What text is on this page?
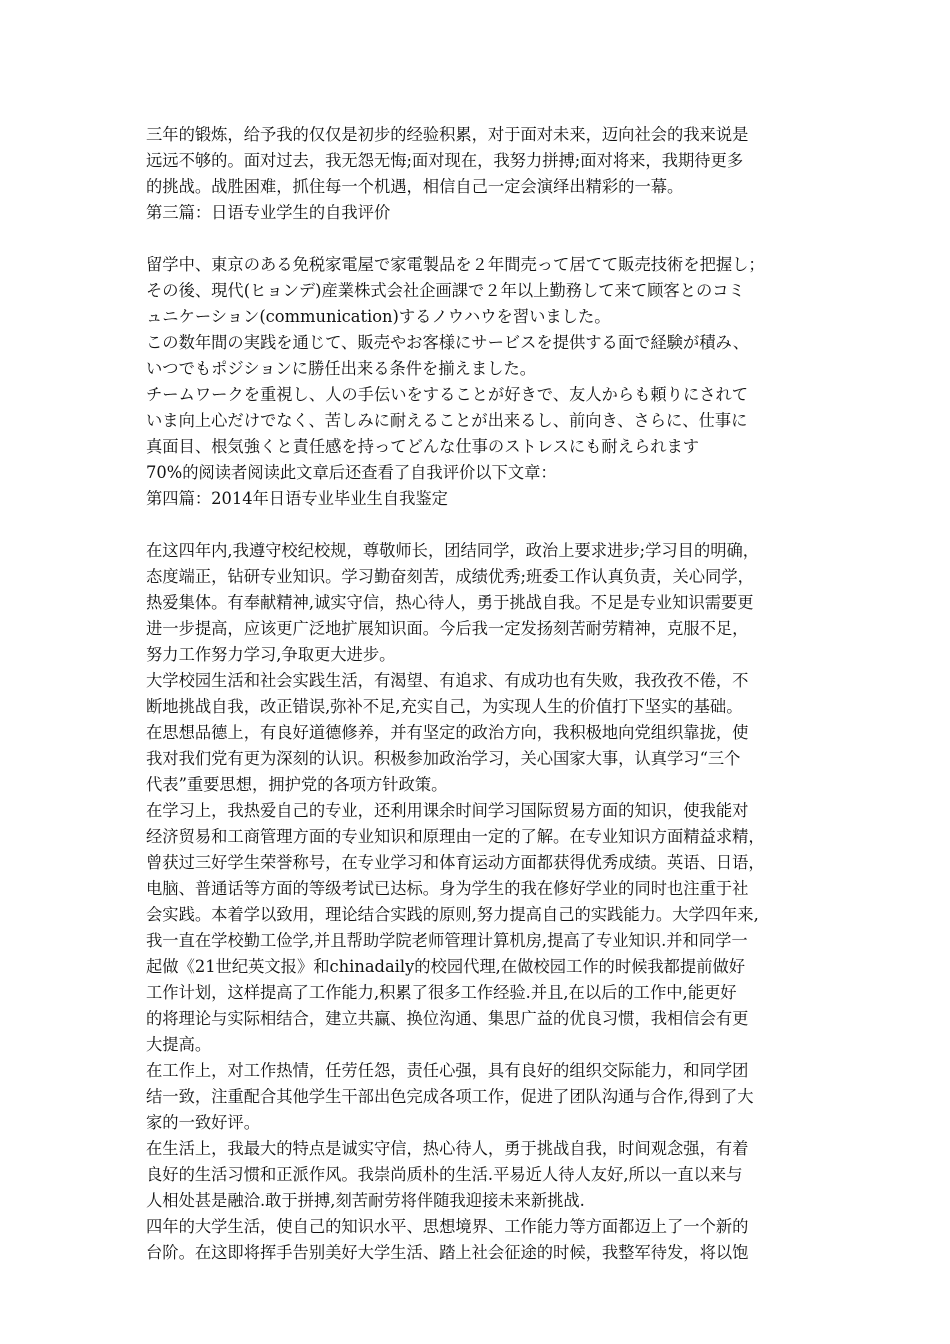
三年的锻炼，给予我的仅仅是初步的经验积累，对于面对未来，迈向社会的我来说是
远远不够的。面对过去，我无怨无悔;面对现在，我努力拼搏;面对将来，我期待更多
的挑战。战胜困难，抓住每一个机遇，相信自己一定会演绎出精彩的一幕。
第三篇：日语专业学生的自我评价
留学中、東京のある免税家電屋で家電製品を２年間売って居てて販売技術を把握し；
その後、現代(ヒョンデ)産業株式会社企画課で２年以上勤務して来て顾客とのコミ
ュニケーション(communication)するノウハウを習いました。
この数年間の実践を通じて、販売やお客様にサービスを提供する面で経験が積み、
いつでもポジションに勝任出来る条件を揃えました。
チームワークを重視し、人の手伝いをすることが好きで、友人からも頼りにされて
いま向上心だけでなく、苦しみに耐えることが出来るし、前向き、さらに、仕事に
真面目、根気強くと責任感を持ってどんな仕事のストレスにも耐えられます
70%的阅读者阅读此文章后还查看了自我评价以下文章：
第四篇：2014年日语专业毕业生自我鉴定
在这四年内,我遵守校纪校规，尊敬师长，团结同学，政治上要求进步;学习目的明确，
态度端正，钻研专业知识。学习勤奋刻苦，成绩优秀;班委工作认真负责，关心同学，
热爱集体。有奉献精神,诚实守信，热心待人，勇于挑战自我。不足是专业知识需要更
进一步提高，应该更广泛地扩展知识面。今后我一定发扬刻苦耐劳精神，克服不足，
努力工作努力学习,争取更大进步。
大学校园生活和社会实践生活，有渴望、有追求、有成功也有失败，我孜孜不倦，不
断地挑战自我，改正错误,弥补不足,充实自己，为实现人生的价值打下坚实的基础。
在思想品德上，有良好道德修养，并有坚定的政治方向，我积极地向党组织靠拢，使
我对我们党有更为深刻的认识。积极参加政治学习，关心国家大事，认真学习“三个
代表”重要思想，拥护党的各项方针政策。
在学习上，我热爱自己的专业，还利用课余时间学习国际贸易方面的知识，使我能对
经济贸易和工商管理方面的专业知识和原理由一定的了解。在专业知识方面精益求精，
曾获过三好学生荣誉称号，在专业学习和体育运动方面都获得优秀成绩。英语、日语，
电脑、普通话等方面的等级考试已达标。身为学生的我在修好学业的同时也注重于社
会实践。本着学以致用，理论结合实践的原则,努力提高自己的实践能力。大学四年来,
我一直在学校勤工俭学,并且帮助学院老师管理计算机房,提高了专业知识.并和同学一
起做《21世纪英文报》和chinadaily的校园代理,在做校园工作的时候我都提前做好
工作计划，这样提高了工作能力,积累了很多工作经验.并且,在以后的工作中,能更好
的将理论与实际相结合，建立共赢、换位沟通、集思广益的优良习惯，我相信会有更
大提高。
在工作上，对工作热情，任劳任怨，责任心强，具有良好的组织交际能力，和同学团
结一致，注重配合其他学生干部出色完成各项工作，促进了团队沟通与合作,得到了大
家的一致好评。
在生活上，我最大的特点是诚实守信，热心待人，勇于挑战自我，时间观念强，有着
良好的生活习惯和正派作风。我崇尚质朴的生活.平易近人待人友好,所以一直以来与
人相处甚是融洽.敢于拼搏,刻苦耐劳将伴随我迎接未来新挑战.
四年的大学生活，使自己的知识水平、思想境界、工作能力等方面都迈上了一个新的
台阶。在这即将挥手告别美好大学生活、踏上社会征途的时候，我整军待发，将以饱
